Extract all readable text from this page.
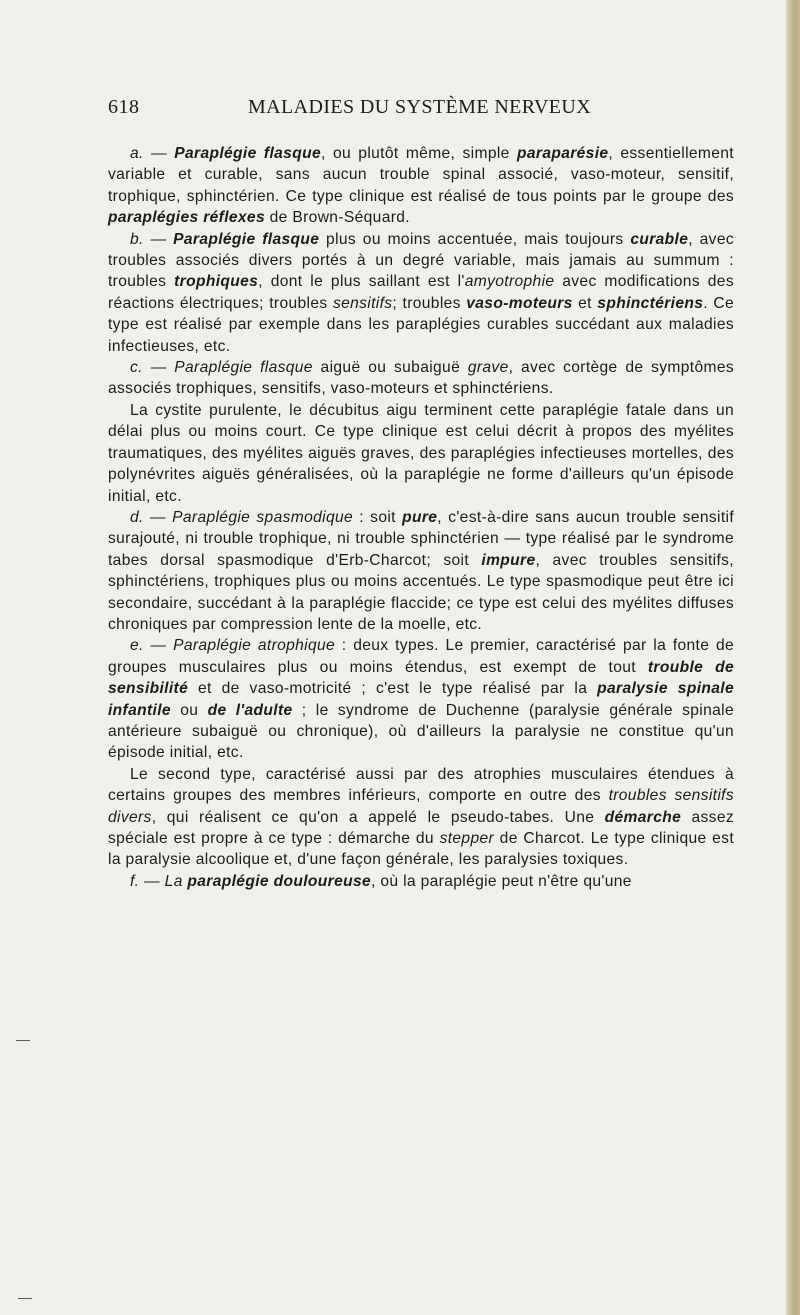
618	MALADIES DU SYSTÈME NERVEUX

a. — Paraplégie flasque, ou plutôt même, simple paraparésie, essentiellement variable et curable, sans aucun trouble spinal associé, vaso-moteur, sensitif, trophique, sphinctérien. Ce type clinique est réalisé de tous points par le groupe des paraplégies réflexes de Brown-Séquard.

b. — Paraplégie flasque plus ou moins accentuée, mais toujours curable, avec troubles associés divers portés à un degré variable, mais jamais au summum : troubles trophiques, dont le plus saillant est l'amyotrophie avec modifications des réactions électriques; troubles sensitifs; troubles vaso-moteurs et sphinctériens. Ce type est réalisé par exemple dans les paraplégies curables succédant aux maladies infectieuses, etc.

c. — Paraplégie flasque aiguë ou subaiguë grave, avec cortège de symptômes associés trophiques, sensitifs, vaso-moteurs et sphinctériens.

La cystite purulente, le décubitus aigu terminent cette paraplégie fatale dans un délai plus ou moins court. Ce type clinique est celui décrit à propos des myélites traumatiques, des myélites aiguës graves, des paraplégies infectieuses mortelles, des polynévrites aiguës généralisées, où la paraplégie ne forme d'ailleurs qu'un épisode initial, etc.

d. — Paraplégie spasmodique : soit pure, c'est-à-dire sans aucun trouble sensitif surajouté, ni trouble trophique, ni trouble sphinctérien — type réalisé par le syndrome tabes dorsal spasmodique d'Erb-Charcot; soit impure, avec troubles sensitifs, sphinctériens, trophiques plus ou moins accentués. Le type spasmodique peut être ici secondaire, succédant à la paraplégie flaccide; ce type est celui des myélites diffuses chroniques par compression lente de la moelle, etc.

e. — Paraplégie atrophique : deux types. Le premier, caractérisé par la fonte de groupes musculaires plus ou moins étendus, est exempt de tout trouble de sensibilité et de vaso-motricité ; c'est le type réalisé par la paralysie spinale infantile ou de l'adulte ; le syndrome de Duchenne (paralysie générale spinale antérieure subaiguë ou chronique), où d'ailleurs la paralysie ne constitue qu'un épisode initial, etc.

Le second type, caractérisé aussi par des atrophies musculaires étendues à certains groupes des membres inférieurs, comporte en outre des troubles sensitifs divers, qui réalisent ce qu'on a appelé le pseudo-tabes. Une démarche assez spéciale est propre à ce type : démarche du stepper de Charcot. Le type clinique est la paralysie alcoolique et, d'une façon générale, les paralysies toxiques.

f. — La paraplégie douloureuse, où la paraplégie peut n'être qu'une
